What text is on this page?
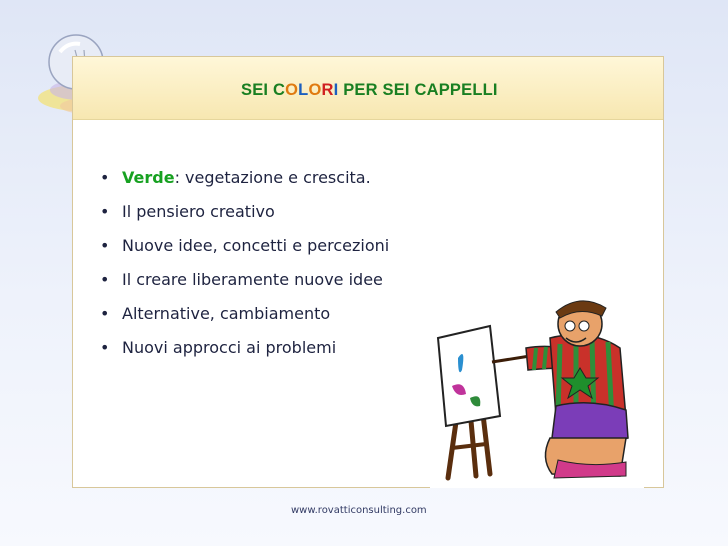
SEI COLORI PER SEI CAPPELLI
• Verde: vegetazione e crescita.
• Il pensiero creativo
• Nuove idee, concetti e percezioni
• Il creare liberamente nuove idee
• Alternative, cambiamento
• Nuovi approcci ai problemi
www.rovatticonsulting.com
